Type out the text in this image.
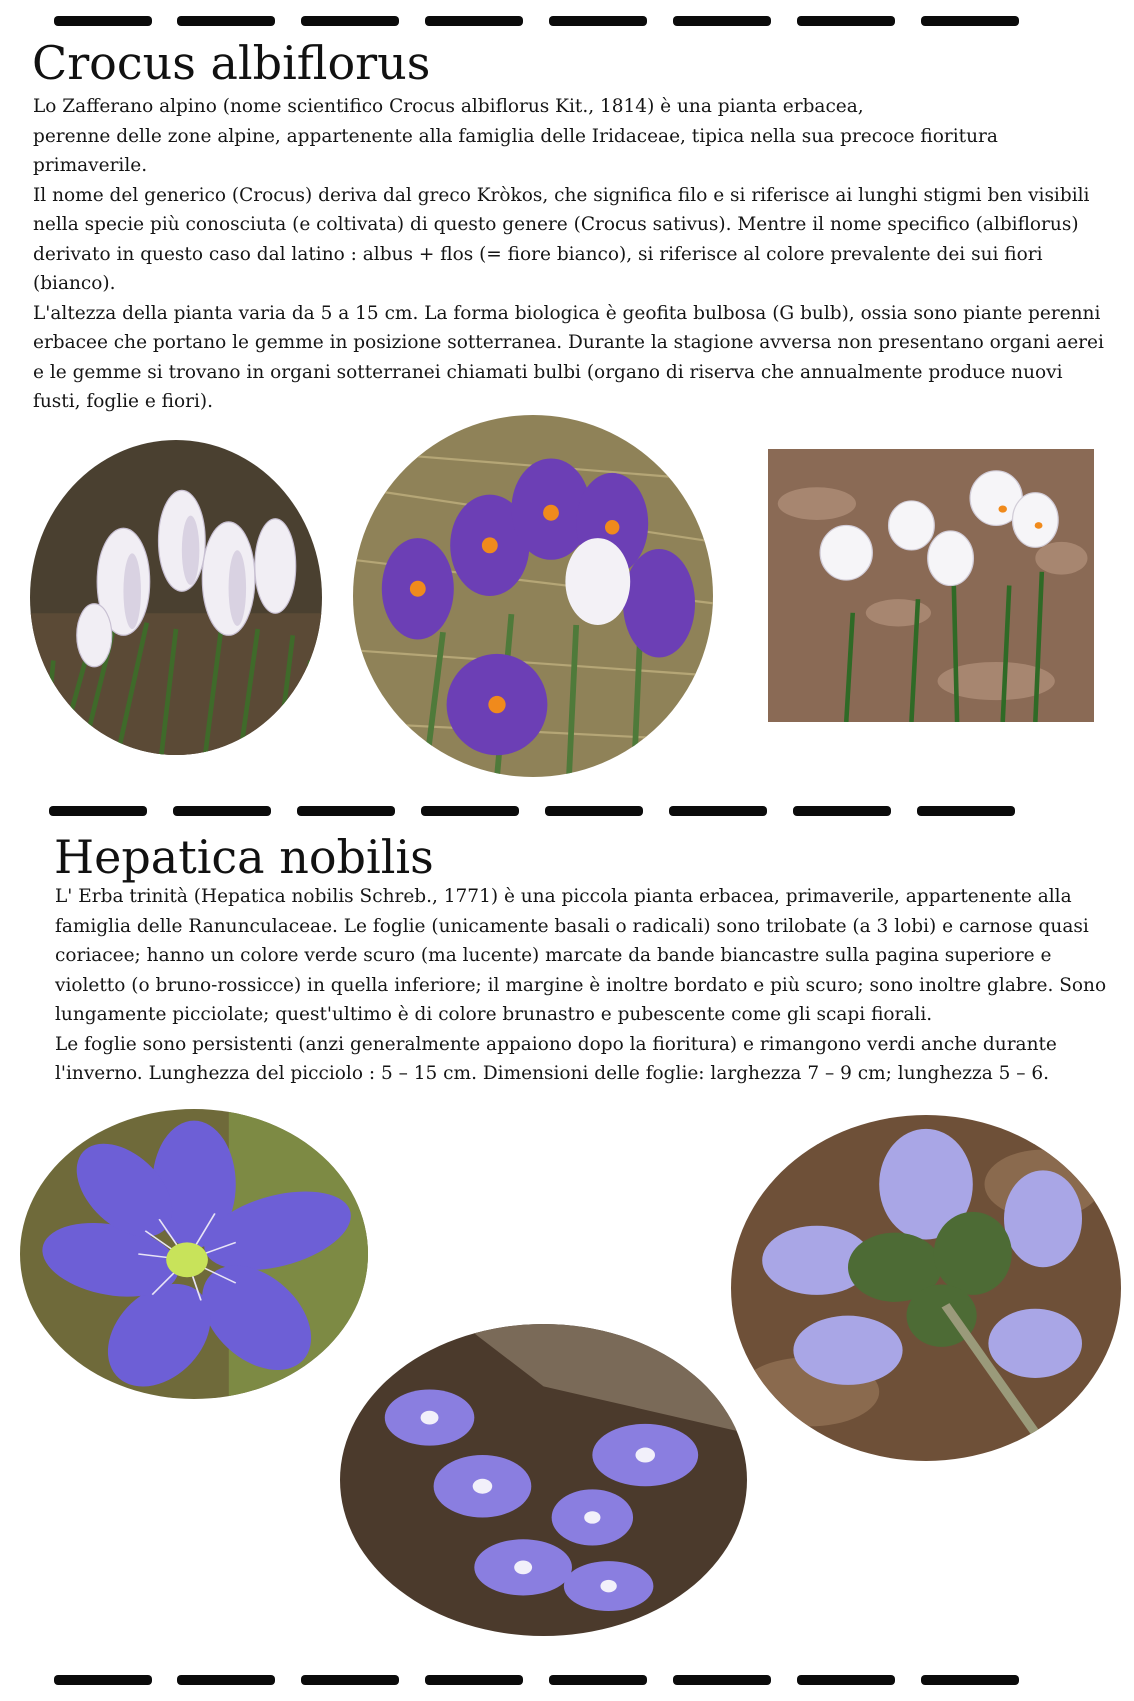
Crocus albiflorus

Lo Zafferano alpino (nome scientifico Crocus albiflorus Kit., 1814) è una pianta erbacea,

perenne delle zone alpine, appartenente alla famiglia delle Iridaceae, tipica nella sua precoce fioritura primaverile.

Il nome del generico (Crocus) deriva dal greco Kròkos, che significa filo e si riferisce ai lunghi stigmi ben visibili nella specie più conosciuta (e coltivata) di questo genere (Crocus sativus). Mentre il nome specifico (albiflorus) derivato in questo caso dal latino : albus + flos (= fiore bianco), si riferisce al colore prevalente dei sui fiori (bianco).

L'altezza della pianta varia da 5 a 15 cm. La forma biologica è geofita bulbosa (G bulb), ossia sono piante perenni erbacee che portano le gemme in posizione sotterranea. Durante la stagione avversa non presentano organi aerei e le gemme si trovano in organi sotterranei chiamati bulbi (organo di riserva che annualmente produce nuovi fusti, foglie e fiori).

Hepatica nobilis

L' Erba trinità (Hepatica nobilis Schreb., 1771) è una piccola pianta erbacea, primaverile, appartenente alla famiglia delle Ranunculaceae. Le foglie (unicamente basali o radicali) sono trilobate (a 3 lobi) e carnose quasi coriacee; hanno un colore verde scuro (ma lucente) marcate da bande biancastre sulla pagina superiore e violetto (o bruno-rossicce) in quella inferiore; il margine è inoltre bordato e più scuro; sono inoltre glabre. Sono lungamente picciolate; quest'ultimo è di colore brunastro e pubescente come gli scapi fiorali.

Le foglie sono persistenti (anzi generalmente appaiono dopo la fioritura) e rimangono verdi anche durante l'inverno. Lunghezza del picciolo : 5 – 15 cm. Dimensioni delle foglie: larghezza 7 – 9 cm; lunghezza 5 – 6.
